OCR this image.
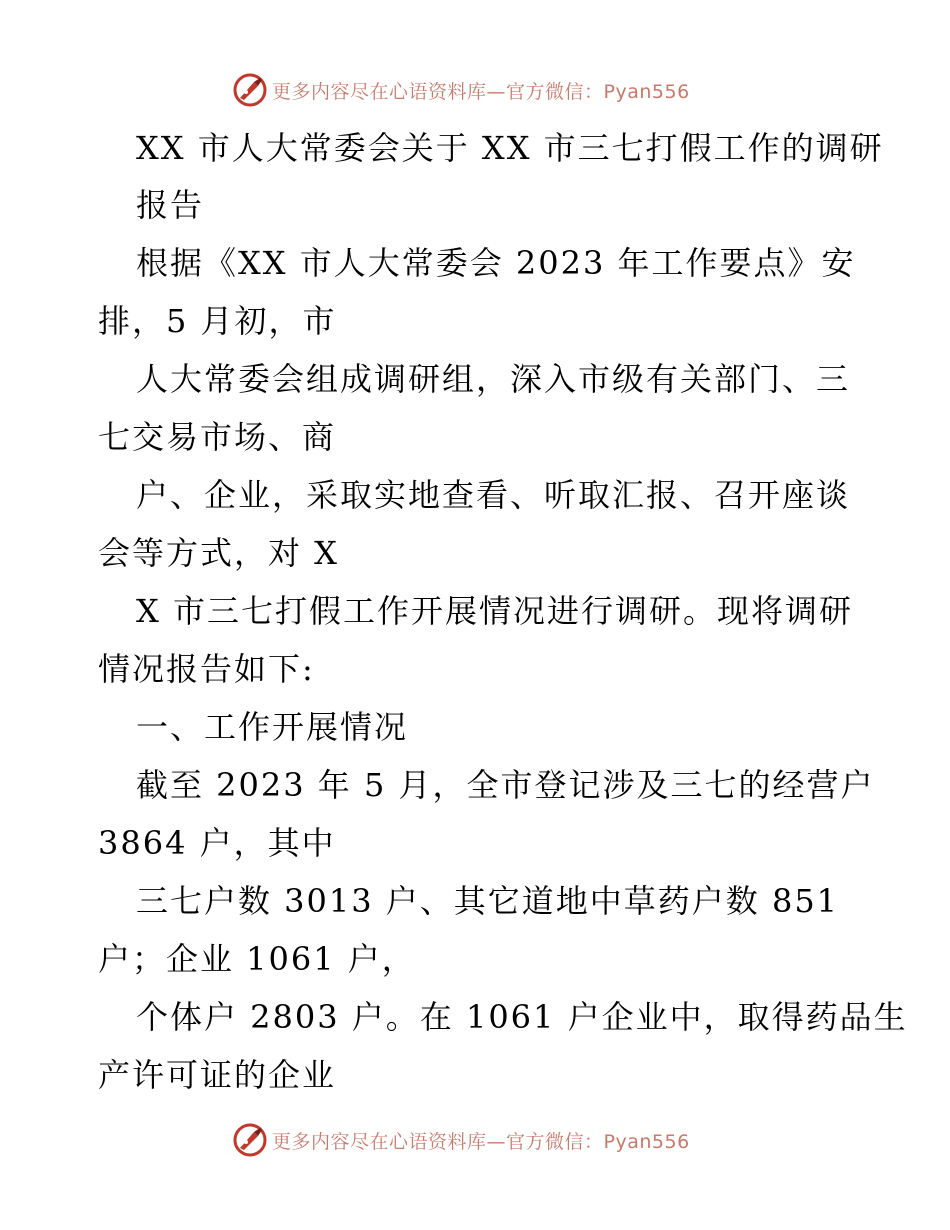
更多内容尽在心语资料库—官方微信：Pyan556
XX 市人大常委会关于 XX 市三七打假工作的调研
报告
根据《XX 市人大常委会 2023 年工作要点》安
排，5 月初，市
人大常委会组成调研组，深入市级有关部门、三
七交易市场、商
户、企业，采取实地查看、听取汇报、召开座谈
会等方式，对 X
X 市三七打假工作开展情况进行调研。现将调研
情况报告如下:
一、工作开展情况
截至 2023 年 5 月，全市登记涉及三七的经营户
3864 户，其中
三七户数 3013 户、其它道地中草药户数 851
户；企业 1061 户，
个体户 2803 户。在 1061 户企业中，取得药品生
产许可证的企业
更多内容尽在心语资料库—官方微信：Pyan556
